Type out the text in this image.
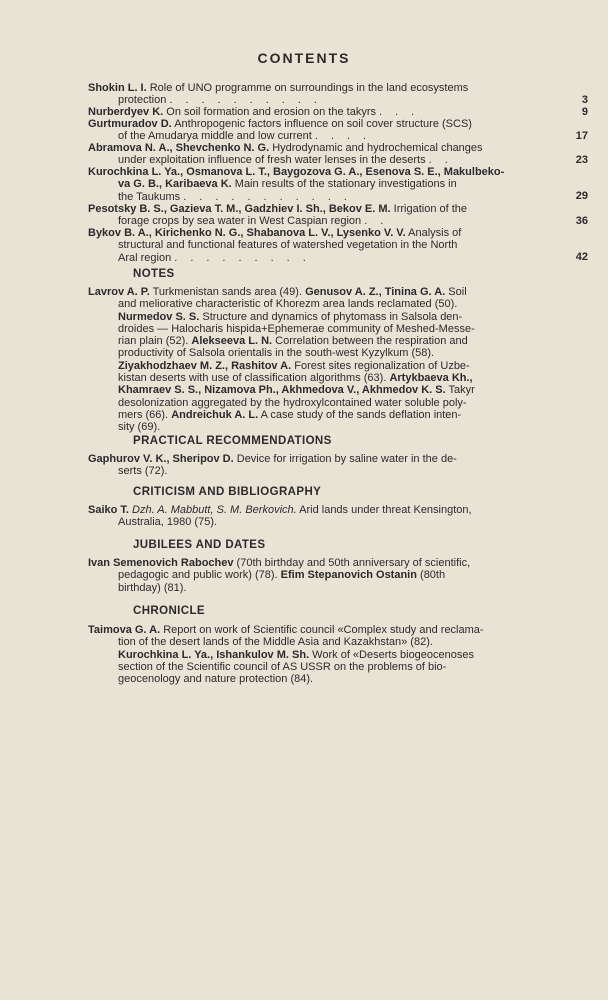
CONTENTS
Shokin L. I. Role of UNO programme on surroundings in the land ecosystems
protection ..........	3
Nurberdyev K. On soil formation and erosion on the takyrs ...	9
Gurtmuradov D. Anthropogenic factors influence on soil cover structure (SCS)
of the Amudarya middle and low current ....	17
Abramova N. A., Shevchenko N. G. Hydrodynamic and hydrochemical changes
under exploitation influence of fresh water lenses in the deserts ..	23
Kurochkina L. Ya., Osmanova L. T., Baygozova G. A., Esenova S. E., Makulbeko-
va G. B., Karibaeva K. Main results of the stationary investigations in
the Taukums ...........	29
Pesotsky B. S., Gazieva T. M., Gadzhiev I. Sh., Bekov E. M. Irrigation of the
forage crops by sea water in West Caspian region ..	36
Bykov B. A., Kirichenko N. G., Shabanova L. V., Lysenko V. V. Analysis of
structural and functional features of watershed vegetation in the North
Aral region .........	42
NOTES
Lavrov A. P. Turkmenistan sands area (49). Genusov A. Z., Tinina G. A. Soil
and meliorative characteristic of Khorezm area lands reclamated (50).
Nurmedov S. S. Structure and dynamics of phytomass in Salsola den-
droides — Halocharis hispida+Ephemerae community of Meshed-Messe-
rian plain (52). Alekseeva L. N. Correlation between the respiration and
productivity of Salsola orientalis in the south-west Kyzylkum (58).
Ziyakhodzhaev M. Z., Rashitov A. Forest sites regionalization of Uzbe-
kistan deserts with use of classification algorithms (63). Artykbaeva Kh.,
Khamraev S. S., Nizamova Ph., Akhmedova V., Akhmedov K. S. Takyr
desolonization aggregated by the hydroxylcontained water soluble poly-
mers (66). Andreichuk A. L. A case study of the sands deflation inten-
sity (69).
PRACTICAL RECOMMENDATIONS
Gaphurov V. K., Sheripov D. Device for irrigation by saline water in the de-
serts (72).
CRITICISM AND BIBLIOGRAPHY
Saiko T. Dzh. A. Mabbutt, S. M. Berkovich. Arid lands under threat Kensington,
Australia, 1980 (75).
JUBILEES AND DATES
Ivan Semenovich Rabochev (70th birthday and 50th anniversary of scientific,
pedagogic and public work) (78). Efim Stepanovich Ostanin (80th
birthday) (81).
CHRONICLE
Taimova G. A. Report on work of Scientific council «Complex study and reclama-
tion of the desert lands of the Middle Asia and Kazakhstan» (82).
Kurochkina L. Ya., Ishankulov M. Sh. Work of «Deserts biogeocenoses
section of the Scientific council of AS USSR on the problems of bio-
geocenology and nature protection (84).
